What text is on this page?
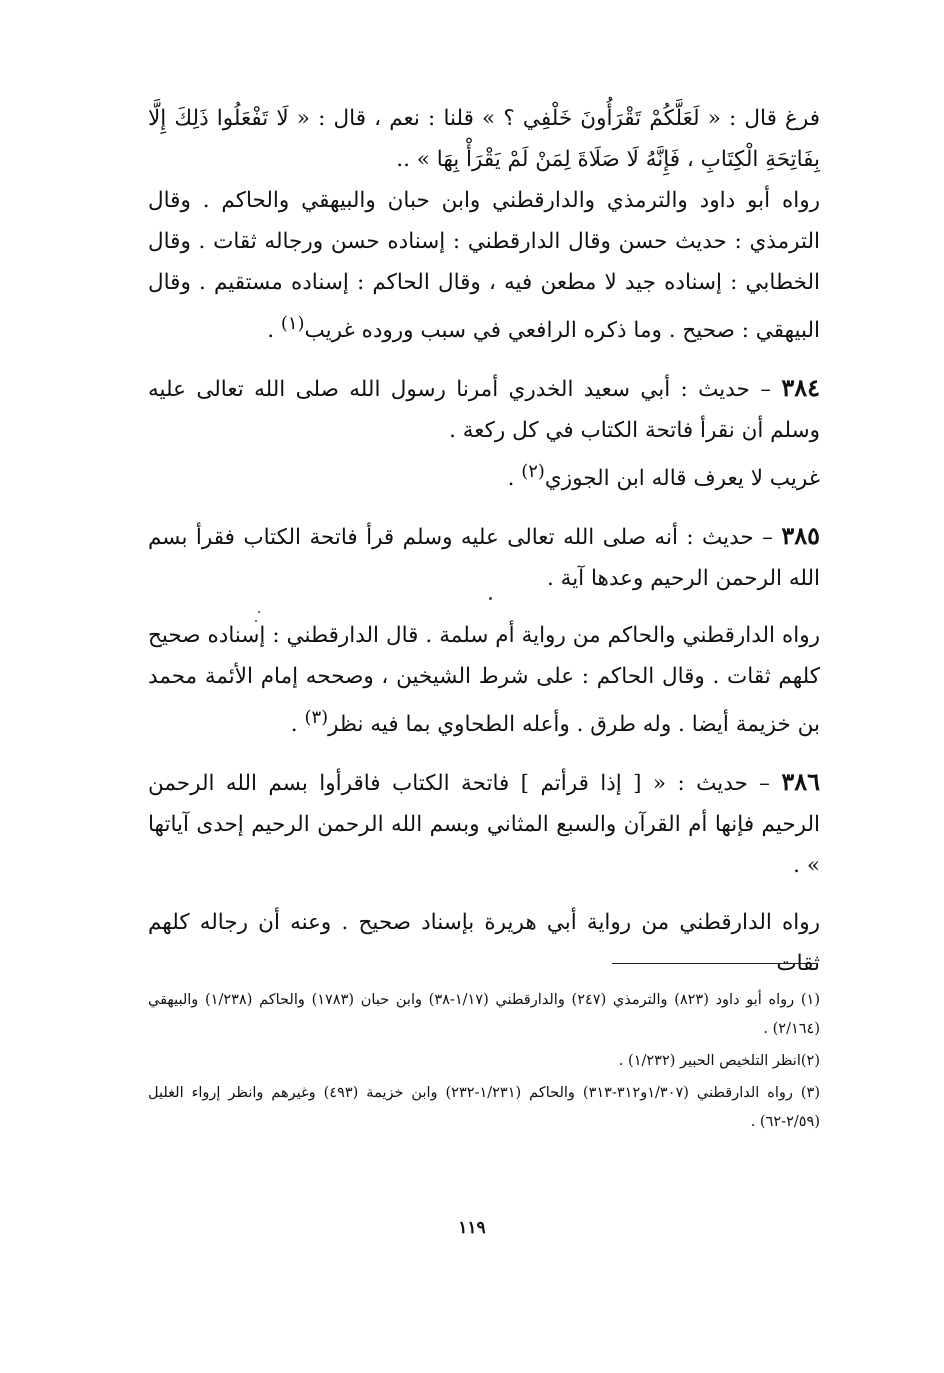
فرغ قال : « لَعَلَّكُمْ تَقْرَأُونَ خَلْفِي ؟ » قلنا : نعم ، قال : « لَا تَفْعَلُوا ذَلِكَ إِلَّا بِفَاتِحَةِ الْكِتَابِ ، فَإِنَّهُ لَا صَلَاةَ لِمَنْ لَمْ يَقْرَأْ بِهَا » ..

رواه أبو داود والترمذي والدارقطني وابن حبان والبيهقي والحاكم . وقال الترمذي : حديث حسن وقال الدارقطني : إسناده حسن ورجاله ثقات . وقال الخطابي : إسناده جيد لا مطعن فيه ، وقال الحاكم : إسناده مستقيم . وقال البيهقي : صحيح . وما ذكره الرافعي في سبب وروده غريب$^{(١)}$ .

٣٨٤ – حديث : أبي سعيد الخدري أمرنا رسول الله صلى الله تعالى عليه وسلم أن نقرأ فاتحة الكتاب في كل ركعة .

غريب لا يعرف قاله ابن الجوزي$^{(٢)}$ .

٣٨٥ – حديث : أنه صلى الله تعالى عليه وسلم قرأ فاتحة الكتاب فقرأ بسم الله الرحمن الرحيم وعدها آية .

رواه الدارقطني والحاكم من رواية أم سلمة . قال الدارقطني : إسناده صحيح كلهم ثقات . وقال الحاكم : على شرط الشيخين ، وصححه إمام الأئمة محمد بن خزيمة أيضا . وله طرق . وأعله الطحاوي بما فيه نظر$^{(٣)}$ .

٣٨٦ – حديث : « [ إذا قرأتم ] فاتحة الكتاب فاقرأوا بسم الله الرحمن الرحيم فإنها أم القرآن والسبع المثاني وبسم الله الرحمن الرحيم إحدى آياتها » .

رواه الدارقطني من رواية أبي هريرة بإسناد صحيح . وعنه أن رجاله كلهم ثقات

(١) رواه أبو داود (٨٢٣) والترمذي (٢٤٧) والدارقطني (١/١٧-٣٨) وابن حبان (١٧٨٣) والحاكم (١/٢٣٨) والبيهقي (٢/١٦٤) .

(٢)انظر التلخيص الحبير (١/٢٣٢) .

(٣) رواه الدارقطني (١/٣٠٧و٣١٢-٣١٣) والحاكم (١/٢٣١-٢٣٢) وابن خزيمة (٤٩٣) وغيرهم وانظر إرواء الغليل (٢/٥٩-٦٢) .

١١٩
